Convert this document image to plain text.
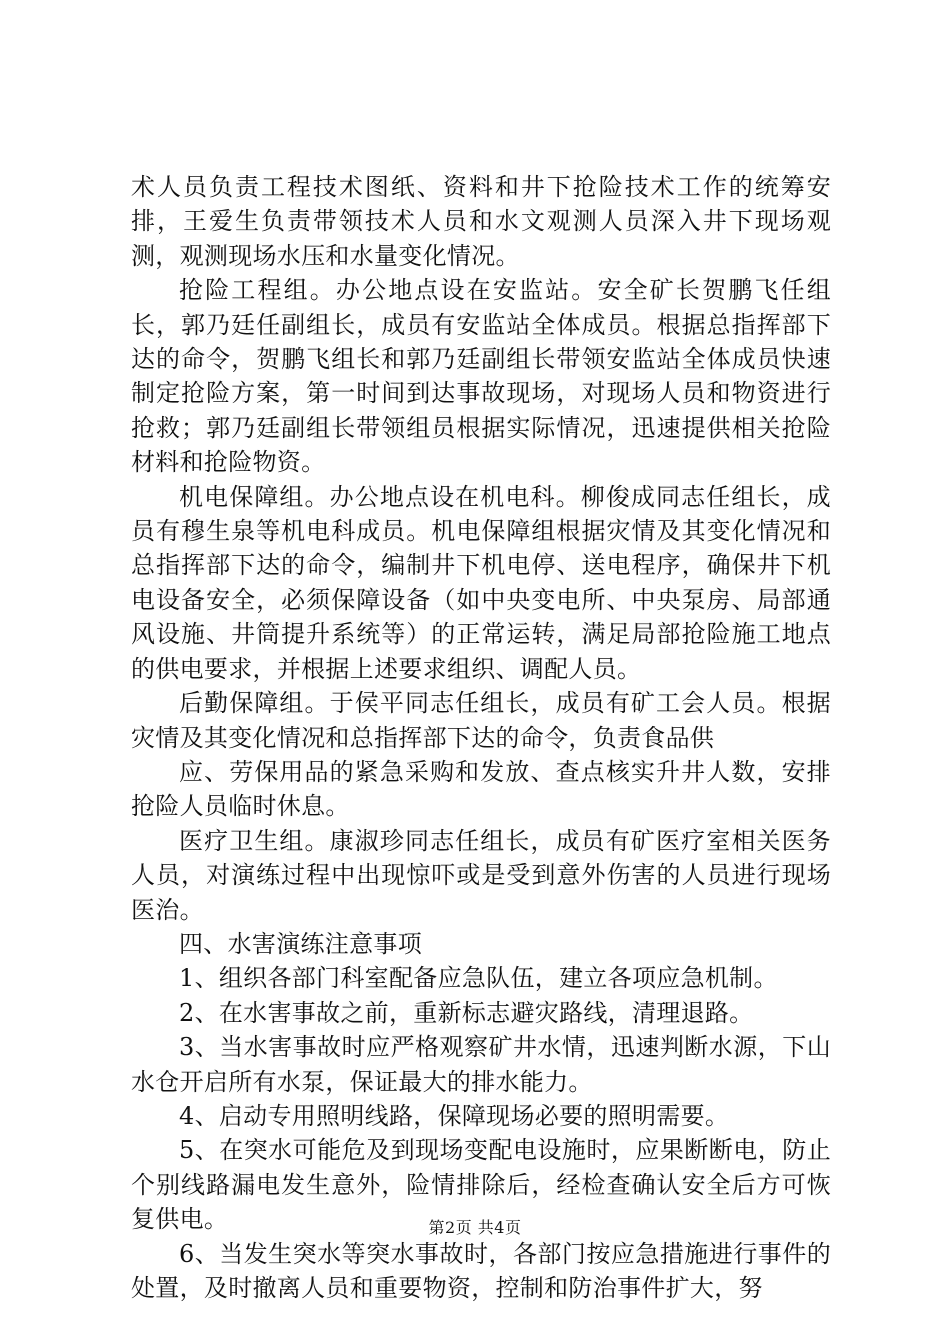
术人员负责工程技术图纸、资料和井下抢险技术工作的统筹安排，王爱生负责带领技术人员和水文观测人员深入井下现场观测，观测现场水压和水量变化情况。

抢险工程组。办公地点设在安监站。安全矿长贺鹏飞任组长，郭乃廷任副组长，成员有安监站全体成员。根据总指挥部下达的命令，贺鹏飞组长和郭乃廷副组长带领安监站全体成员快速制定抢险方案，第一时间到达事故现场，对现场人员和物资进行抢救；郭乃廷副组长带领组员根据实际情况，迅速提供相关抢险材料和抢险物资。

机电保障组。办公地点设在机电科。柳俊成同志任组长，成员有穆生泉等机电科成员。机电保障组根据灾情及其变化情况和总指挥部下达的命令，编制井下机电停、送电程序，确保井下机电设备安全，必须保障设备（如中央变电所、中央泵房、局部通风设施、井筒提升系统等）的正常运转，满足局部抢险施工地点的供电要求，并根据上述要求组织、调配人员。

后勤保障组。于侯平同志任组长，成员有矿工会人员。根据灾情及其变化情况和总指挥部下达的命令，负责食品供

应、劳保用品的紧急采购和发放、查点核实升井人数，安排抢险人员临时休息。

医疗卫生组。康淑珍同志任组长，成员有矿医疗室相关医务人员，对演练过程中出现惊吓或是受到意外伤害的人员进行现场医治。

四、水害演练注意事项

1、组织各部门科室配备应急队伍，建立各项应急机制。

2、在水害事故之前，重新标志避灾路线，清理退路。

3、当水害事故时应严格观察矿井水情，迅速判断水源，下山水仓开启所有水泵，保证最大的排水能力。

4、启动专用照明线路，保障现场必要的照明需要。

5、在突水可能危及到现场变配电设施时，应果断断电，防止个别线路漏电发生意外，险情排除后，经检查确认安全后方可恢复供电。

6、当发生突水等突水事故时，各部门按应急措施进行事件的处置，及时撤离人员和重要物资，控制和防治事件扩大，努

第2页 共4页
